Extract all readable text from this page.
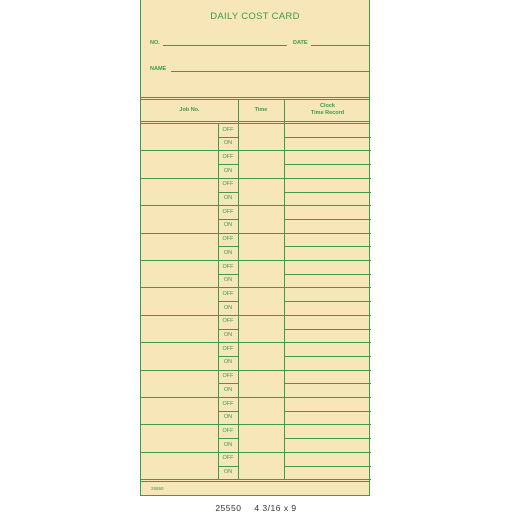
DAILY COST CARD
NO.	DATE
NAME
Job No.	Time
Clock
Time Record
OFF
ON
OFF
ON
OFF
ON
OFF
ON
OFF
ON
OFF
ON
OFF
ON
OFF
ON
OFF
ON
OFF
ON
OFF
ON
OFF
ON
OFF
ON
25550
25550 4 3/16 x 9
